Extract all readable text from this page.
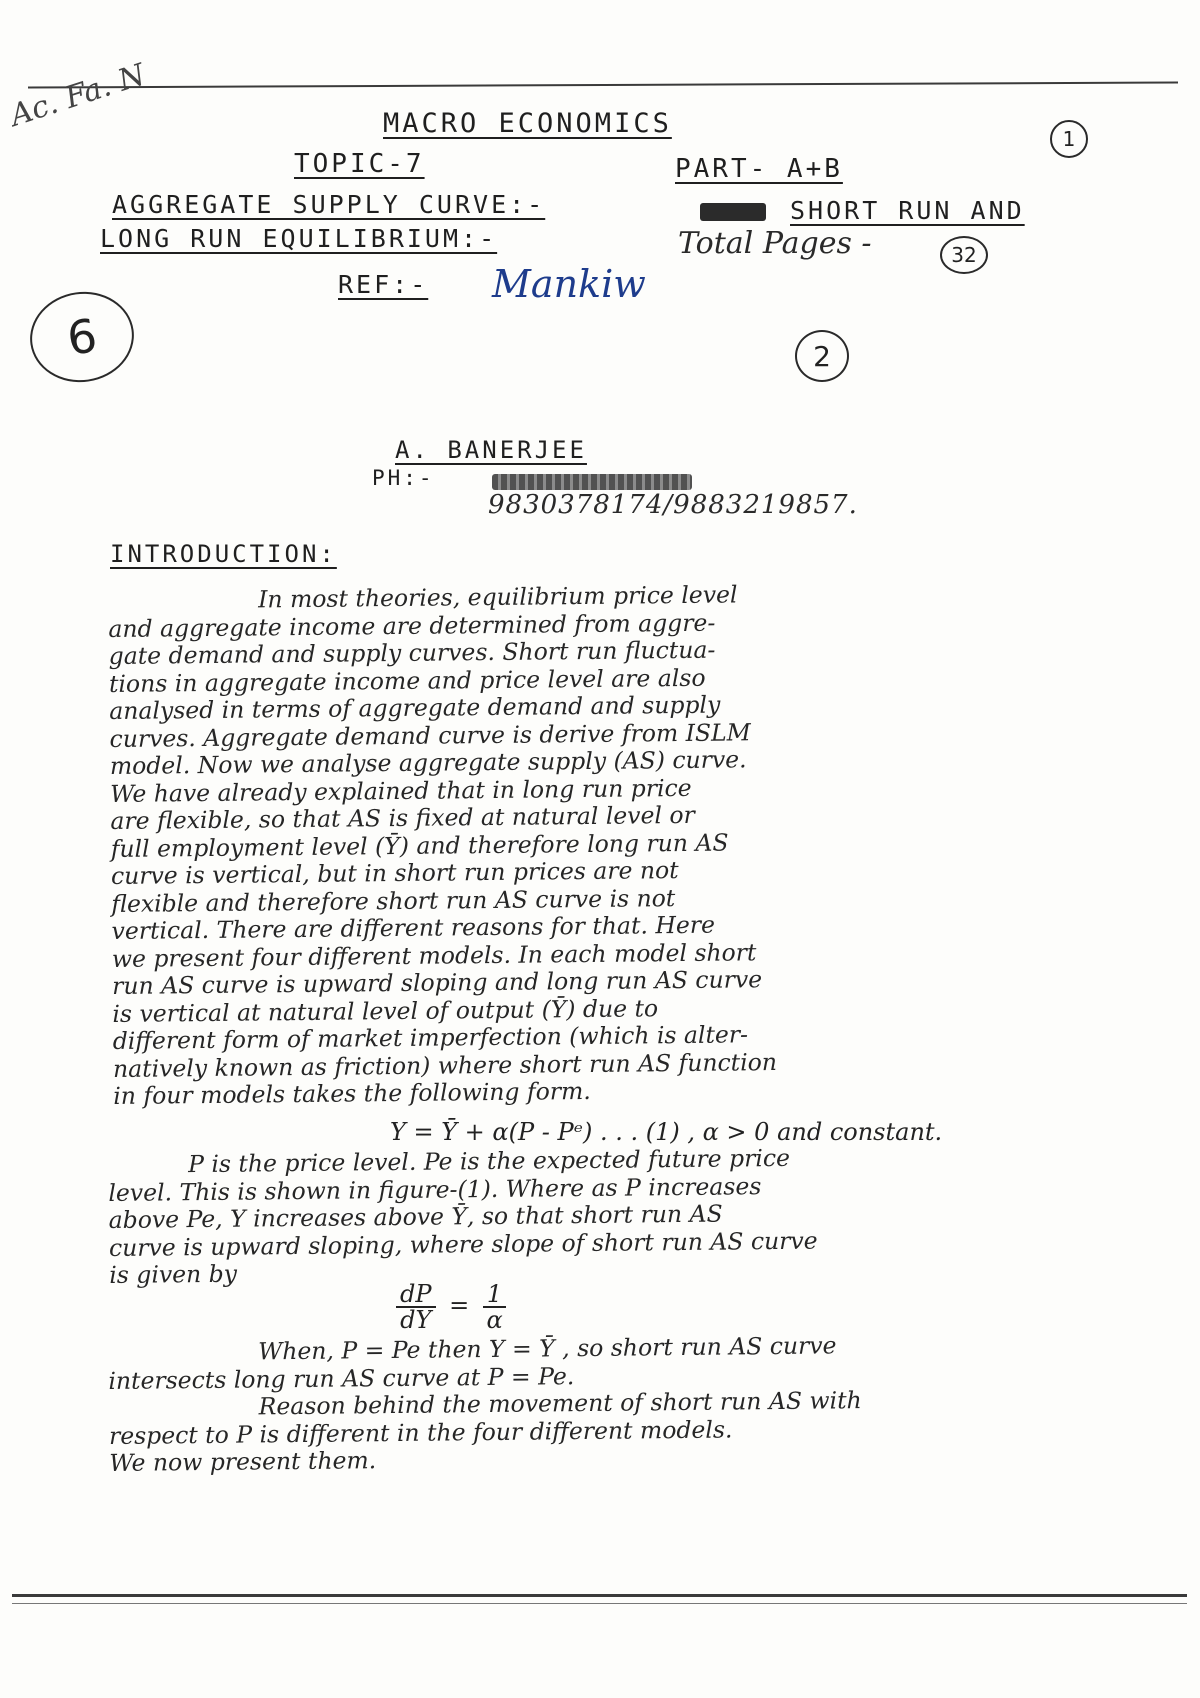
Ac. Fa. N	MACRO ECONOMICS	1
TOPIC-7	PART- A+B
AGGREGATE SUPPLY CURVE:-	SHORT RUN AND
LONG RUN EQUILIBRIUM:-	Total Pages -	32
REF:- Mankiw
6	2
A. BANERJEE
PH:-
9830378174/9883219857.
INTRODUCTION:

In most theories, equilibrium price level

and aggregate income are determined from aggre-

gate demand and supply curves. Short run fluctua-

tions in aggregate income and price level are also

analysed in terms of aggregate demand and supply

curves. Aggregate demand curve is derive from ISLM

model. Now we analyse aggregate supply (AS) curve.

We have already explained that in long run price

are flexible, so that AS is fixed at natural level or

full employment level (Ȳ) and therefore long run AS

curve is vertical, but in short run prices are not

flexible and therefore short run AS curve is not

vertical. There are different reasons for that. Here

we present four different models. In each model short

run AS curve is upward sloping and long run AS curve

is vertical at natural level of output (Ȳ) due to

different form of market imperfection (which is alter-

natively known as friction) where short run AS function

in four models takes the following form.

Y = Ȳ + α(P - Pᵉ) . . . (1) , α > 0 and constant.

P is the price level. Pe is the expected future price

level. This is shown in figure-(1). Where as P increases

above Pe, Y increases above Ȳ, so that short run AS

curve is upward sloping, where slope of short run AS curve

is given by

$\frac{dP}{dY} = \frac{1}{\alpha}$

When, P = Pe then Y = Ȳ , so short run AS curve

intersects long run AS curve at P = Pe.

Reason behind the movement of short run AS with

respect to P is different in the four different models.

We now present them.
